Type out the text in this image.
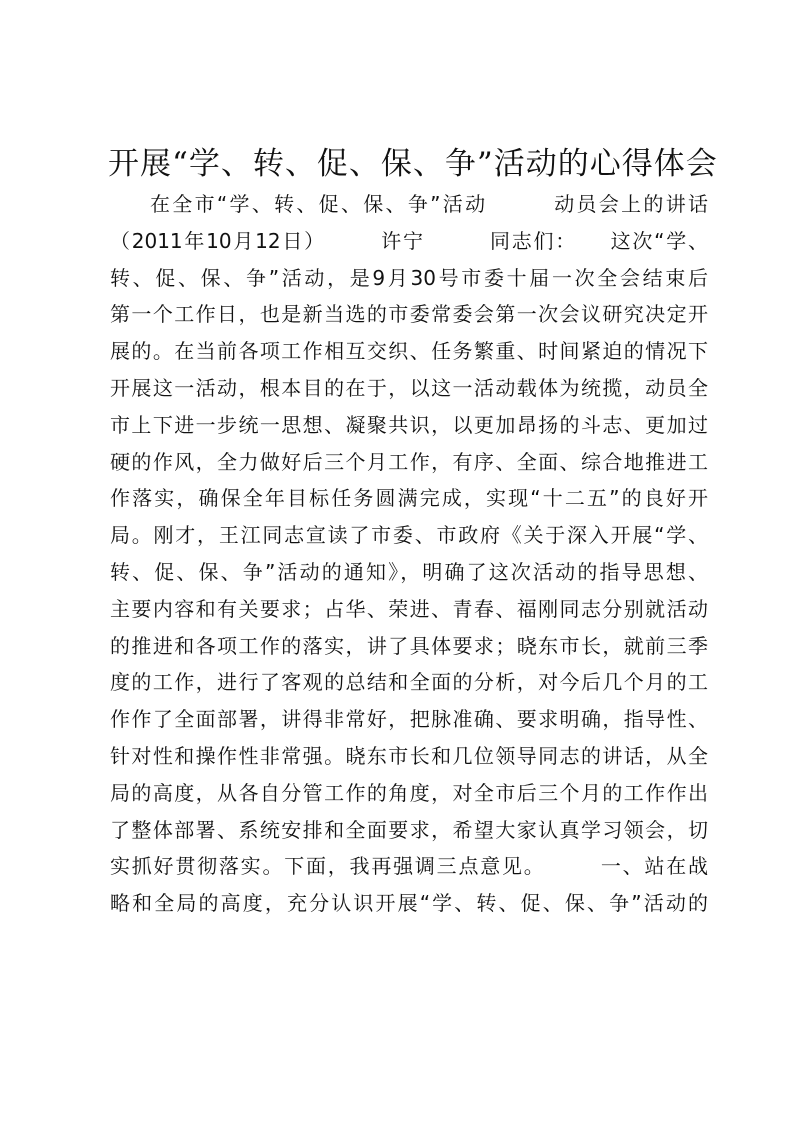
开展“学、转、促、保、争”活动的心得体会
在全市“学、转、促、保、争”活动　　　动员会上的讲话
（2011年10月12日）　　　许宁　　　同志们：　　这次“学、
转、促、保、争”活动，是9月30号市委十届一次全会结束后
第一个工作日，也是新当选的市委常委会第一次会议研究决定开
展的。在当前各项工作相互交织、任务繁重、时间紧迫的情况下
开展这一活动，根本目的在于，以这一活动载体为统揽，动员全
市上下进一步统一思想、凝聚共识，以更加昂扬的斗志、更加过
硬的作风，全力做好后三个月工作，有序、全面、综合地推进工
作落实，确保全年目标任务圆满完成，实现“十二五”的良好开
局。刚才，王江同志宣读了市委、市政府《关于深入开展“学、
转、促、保、争”活动的通知》，明确了这次活动的指导思想、
主要内容和有关要求；占华、荣进、青春、福刚同志分别就活动
的推进和各项工作的落实，讲了具体要求；晓东市长，就前三季
度的工作，进行了客观的总结和全面的分析，对今后几个月的工
作作了全面部署，讲得非常好，把脉准确、要求明确，指导性、
针对性和操作性非常强。晓东市长和几位领导同志的讲话，从全
局的高度，从各自分管工作的角度，对全市后三个月的工作作出
了整体部署、系统安排和全面要求，希望大家认真学习领会，切
实抓好贯彻落实。下面，我再强调三点意见。　　　一、站在战
略和全局的高度，充分认识开展“学、转、促、保、争”活动的
